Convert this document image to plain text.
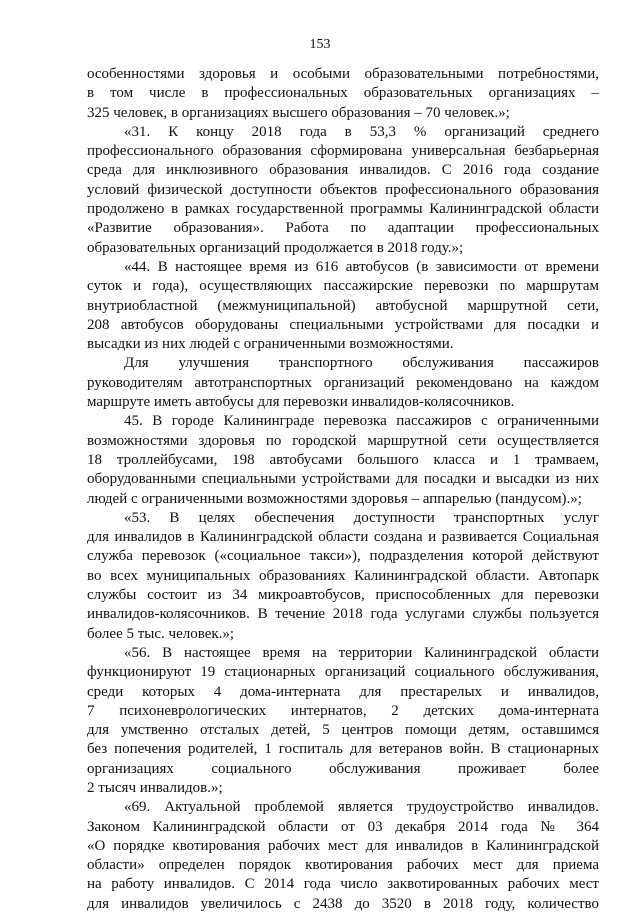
153
особенностями здоровья и особыми образовательными потребностями,
в том числе в профессиональных образовательных организациях –
325 человек, в организациях высшего образования – 70 человек.»;
«31. К концу 2018 года в 53,3 % организаций среднего
профессионального образования сформирована универсальная безбарьерная
среда для инклюзивного образования инвалидов. С 2016 года создание
условий физической доступности объектов профессионального образования
продолжено в рамках государственной программы Калининградской области
«Развитие образования». Работа по адаптации профессиональных
образовательных организаций продолжается в 2018 году.»;
«44. В настоящее время из 616 автобусов (в зависимости от времени
суток и года), осуществляющих пассажирские перевозки по маршрутам
внутриобластной (межмуниципальной) автобусной маршрутной сети,
208 автобусов оборудованы специальными устройствами для посадки и
высадки из них людей с ограниченными возможностями.
Для улучшения транспортного обслуживания пассажиров
руководителям автотранспортных организаций рекомендовано на каждом
маршруте иметь автобусы для перевозки инвалидов-колясочников.
45. В городе Калининграде перевозка пассажиров с ограниченными
возможностями здоровья по городской маршрутной сети осуществляется
18 троллейбусами, 198 автобусами большого класса и 1 трамваем,
оборудованными специальными устройствами для посадки и высадки из них
людей с ограниченными возможностями здоровья – аппарелью (пандусом).»;
«53. В целях обеспечения доступности транспортных услуг
для инвалидов в Калининградской области создана и развивается Социальная
служба перевозок («социальное такси»), подразделения которой действуют
во всех муниципальных образованиях Калининградской области. Автопарк
службы состоит из 34 микроавтобусов, приспособленных для перевозки
инвалидов-колясочников. В течение 2018 года услугами службы пользуется
более 5 тыс. человек.»;
«56. В настоящее время на территории Калининградской области
функционируют 19 стационарных организаций социального обслуживания,
среди которых 4 дома-интерната для престарелых и инвалидов,
7 психоневрологических интернатов, 2 детских дома-интерната
для умственно отсталых детей, 5 центров помощи детям, оставшимся
без попечения родителей, 1 госпиталь для ветеранов войн. В стационарных
организациях социального обслуживания проживает более
2 тысяч инвалидов.»;
«69. Актуальной проблемой является трудоустройство инвалидов.
Законом Калининградской области от 03 декабря 2014 года № 364
«О порядке квотирования рабочих мест для инвалидов в Калининградской
области» определен порядок квотирования рабочих мест для приема
на работу инвалидов. С 2014 года число заквотированных рабочих мест
для инвалидов увеличилось с 2438 до 3520 в 2018 году, количество
